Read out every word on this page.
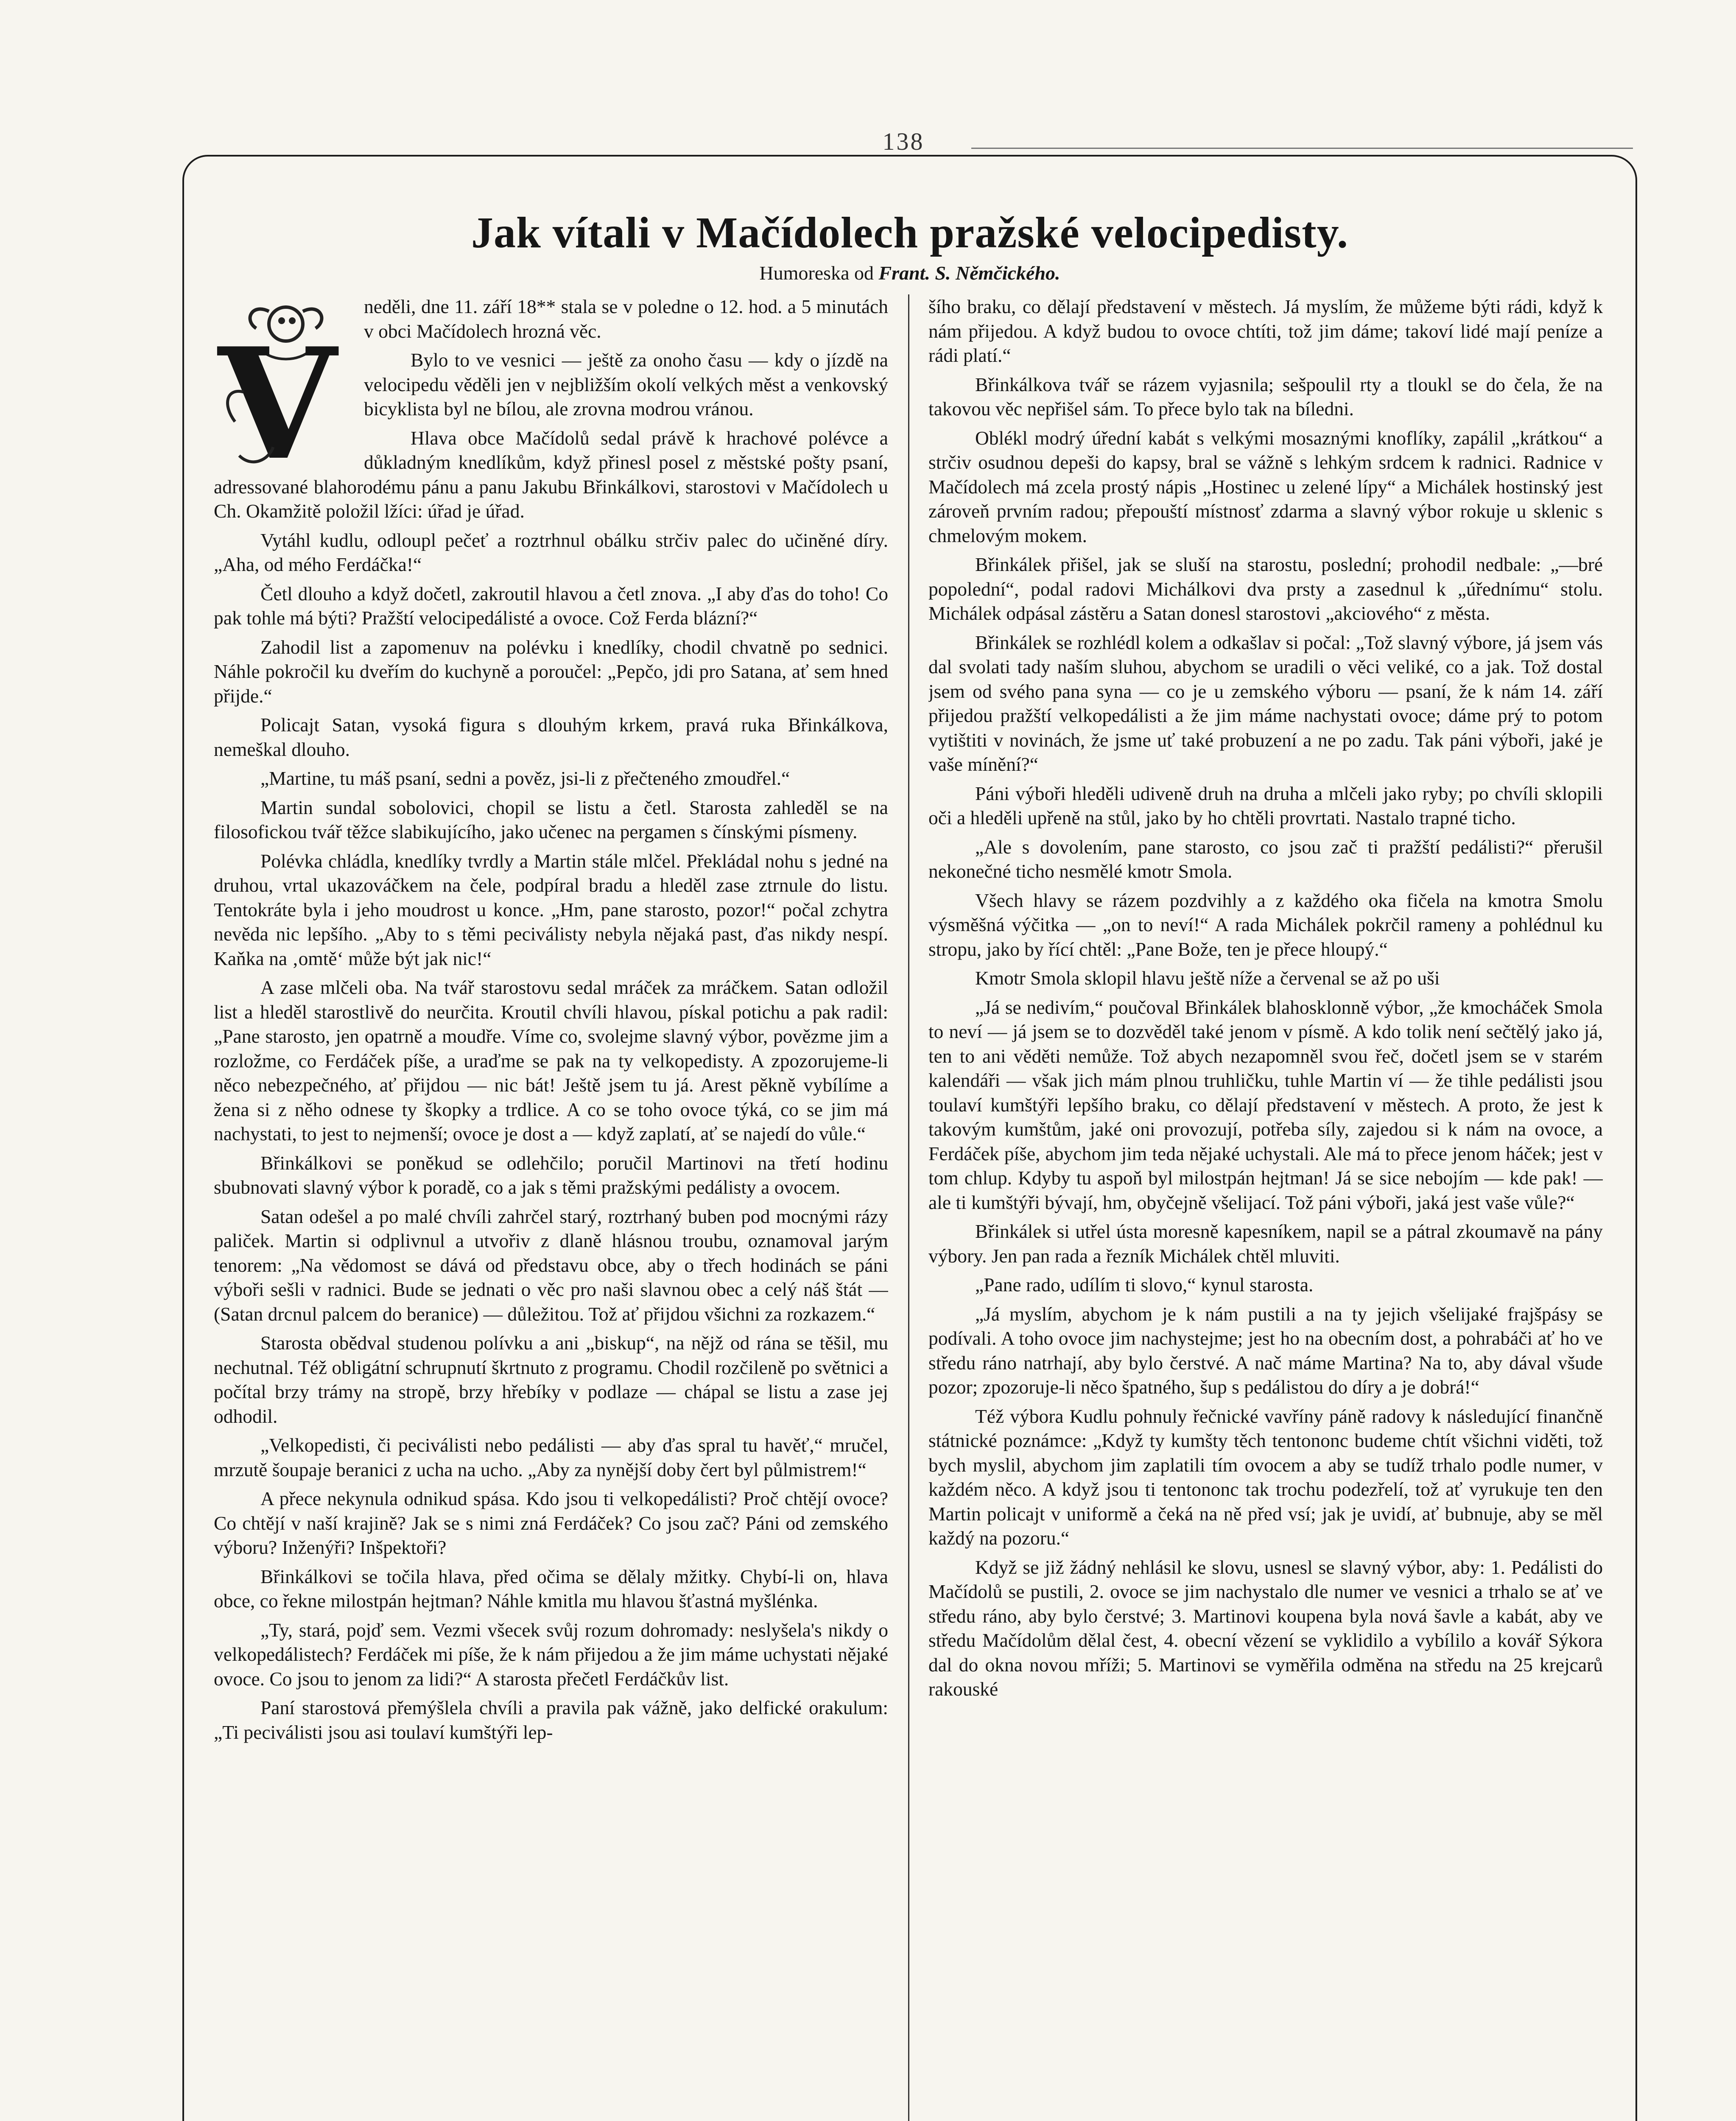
138
Jak vítali v Mačídolech pražské velocipedisty.
Humoreska od Frant. S. Němčického.
V

neděli, dne 11. září 18** stala se v poledne o 12. hod. a 5 minutách v obci Mačídolech hrozná věc.

Bylo to ve vesnici — ještě za onoho času — kdy o jízdě na velocipedu věděli jen v nejbližším okolí velkých měst a venkovský bicyklista byl ne bílou, ale zrovna modrou vránou.

Hlava obce Mačídolů sedal právě k hrachové polévce a důkladným knedlíkům, když přinesl posel z městské pošty psaní, adressované blahorodému pánu a panu Jakubu Břinkálkovi, starostovi v Mačídolech u Ch. Okamžitě položil lžíci: úřad je úřad.

Vytáhl kudlu, odloupl pečeť a roztrhnul obálku strčiv palec do učiněné díry. „Aha, od mého Ferdáčka!“

Četl dlouho a když dočetl, zakroutil hlavou a četl znova. „I aby ďas do toho! Co pak tohle má býti? Pražští velocipedálisté a ovoce. Což Ferda blázní?“

Zahodil list a zapomenuv na polévku i knedlíky, chodil chvatně po sednici. Náhle pokročil ku dveřím do kuchyně a poroučel: „Pepčo, jdi pro Satana, ať sem hned přijde.“

Policajt Satan, vysoká figura s dlouhým krkem, pravá ruka Břinkálkova, nemeškal dlouho.

„Martine, tu máš psaní, sedni a pověz, jsi-li z přečteného zmoudřel.“

Martin sundal sobolovici, chopil se listu a četl. Starosta zahleděl se na filosofickou tvář těžce slabikujícího, jako učenec na pergamen s čínskými písmeny.

Polévka chládla, knedlíky tvrdly a Martin stále mlčel. Překládal nohu s jedné na druhou, vrtal ukazováčkem na čele, podpíral bradu a hleděl zase ztrnule do listu. Tentokráte byla i jeho moudrost u konce. „Hm, pane starosto, pozor!“ počal zchytra nevěda nic lepšího. „Aby to s těmi peciválisty nebyla nějaká past, ďas nikdy nespí. Kaňka na ‚omtě‘ může být jak nic!“

A zase mlčeli oba. Na tvář starostovu sedal mráček za mráčkem. Satan odložil list a hleděl starostlivě do neurčita. Kroutil chvíli hlavou, pískal potichu a pak radil: „Pane starosto, jen opatrně a moudře. Víme co, svolejme slavný výbor, povězme jim a rozložme, co Ferdáček píše, a uraďme se pak na ty velkopedisty. A zpozorujeme-li něco nebezpečného, ať přijdou — nic bát! Ještě jsem tu já. Arest pěkně vybílíme a žena si z něho odnese ty škopky a trdlice. A co se toho ovoce týká, co se jim má nachystati, to jest to nejmenší; ovoce je dost a — když zaplatí, ať se najedí do vůle.“

Břinkálkovi se poněkud se odlehčilo; poručil Martinovi na třetí hodinu sbubnovati slavný výbor k poradě, co a jak s těmi pražskými pedálisty a ovocem.

Satan odešel a po malé chvíli zahrčel starý, roztrhaný buben pod mocnými rázy paliček. Martin si odplivnul a utvořiv z dlaně hlásnou troubu, oznamoval jarým tenorem: „Na vědomost se dává od představu obce, aby o třech hodinách se páni výboři sešli v radnici. Bude se jednati o věc pro naši slavnou obec a celý náš štát — (Satan drcnul palcem do beranice) — důležitou. Tož ať přijdou všichni za rozkazem.“

Starosta obědval studenou polívku a ani „biskup“, na nějž od rána se těšil, mu nechutnal. Též obligátní schrupnutí škrtnuto z programu. Chodil rozčileně po světnici a počítal brzy trámy na stropě, brzy hřebíky v podlaze — chápal se listu a zase jej odhodil.

„Velkopedisti, či peciválisti nebo pedálisti — aby ďas spral tu havěť,“ mručel, mrzutě šoupaje beranici z ucha na ucho. „Aby za nynější doby čert byl půlmistrem!“

A přece nekynula odnikud spása. Kdo jsou ti velkopedálisti? Proč chtějí ovoce? Co chtějí v naší krajině? Jak se s nimi zná Ferdáček? Co jsou zač? Páni od zemského výboru? Inženýři? Inšpektoři?

Břinkálkovi se točila hlava, před očima se dělaly mžitky. Chybí-li on, hlava obce, co řekne milostpán hejtman? Náhle kmitla mu hlavou šťastná myšlénka.

„Ty, stará, pojď sem. Vezmi všecek svůj rozum dohromady: neslyšela's nikdy o velkopedálistech? Ferdáček mi píše, že k nám přijedou a že jim máme uchystati nějaké ovoce. Co jsou to jenom za lidi?“ A starosta přečetl Ferdáčkův list.

Paní starostová přemýšlela chvíli a pravila pak vážně, jako delfické orakulum: „Ti peciválisti jsou asi toulaví kumštýři lep-

šího braku, co dělají představení v městech. Já myslím, že můžeme býti rádi, když k nám přijedou. A když budou to ovoce chtíti, tož jim dáme; takoví lidé mají peníze a rádi platí.“

Břinkálkova tvář se rázem vyjasnila; sešpoulil rty a tloukl se do čela, že na takovou věc nepřišel sám. To přece bylo tak na bíledni.

Oblékl modrý úřední kabát s velkými mosaznými knoflíky, zapálil „krátkou“ a strčiv osudnou depeši do kapsy, bral se vážně s lehkým srdcem k radnici. Radnice v Mačídolech má zcela prostý nápis „Hostinec u zelené lípy“ a Michálek hostinský jest zároveň prvním radou; přepouští místnosť zdarma a slavný výbor rokuje u sklenic s chmelovým mokem.

Břinkálek přišel, jak se sluší na starostu, poslední; prohodil nedbale: „—bré popolední“, podal radovi Michálkovi dva prsty a zasednul k „úřednímu“ stolu. Michálek odpásal zástěru a Satan donesl starostovi „akciového“ z města.

Břinkálek se rozhlédl kolem a odkašlav si počal: „Tož slavný výbore, já jsem vás dal svolati tady naším sluhou, abychom se uradili o věci veliké, co a jak. Tož dostal jsem od svého pana syna — co je u zemského výboru — psaní, že k nám 14. září přijedou pražští velkopedálisti a že jim máme nachystati ovoce; dáme prý to potom vytištiti v novinách, že jsme uť také probuzení a ne po zadu. Tak páni výboři, jaké je vaše mínění?“

Páni výboři hleděli udiveně druh na druha a mlčeli jako ryby; po chvíli sklopili oči a hleděli upřeně na stůl, jako by ho chtěli provrtati. Nastalo trapné ticho.

„Ale s dovolením, pane starosto, co jsou zač ti pražští pedálisti?“ přerušil nekonečné ticho nesmělé kmotr Smola.

Všech hlavy se rázem pozdvihly a z každého oka fičela na kmotra Smolu výsměšná výčitka — „on to neví!“ A rada Michálek pokrčil rameny a pohlédnul ku stropu, jako by řící chtěl: „Pane Bože, ten je přece hloupý.“

Kmotr Smola sklopil hlavu ještě níže a červenal se až po uši

„Já se nedivím,“ poučoval Břinkálek blahosklonně výbor, „že kmocháček Smola to neví — já jsem se to dozvěděl také jenom v písmě. A kdo tolik není sečtělý jako já, ten to ani věděti nemůže. Tož abych nezapomněl svou řeč, dočetl jsem se v starém kalendáři — však jich mám plnou truhličku, tuhle Martin ví — že tihle pedálisti jsou toulaví kumštýři lepšího braku, co dělají představení v městech. A proto, že jest k takovým kumštům, jaké oni provozují, potřeba síly, zajedou si k nám na ovoce, a Ferdáček píše, abychom jim teda nějaké uchystali. Ale má to přece jenom háček; jest v tom chlup. Kdyby tu aspoň byl milostpán hejtman! Já se sice nebojím — kde pak! — ale ti kumštýři bývají, hm, obyčejně všelijací. Tož páni výboři, jaká jest vaše vůle?“

Břinkálek si utřel ústa moresně kapesníkem, napil se a pátral zkoumavě na pány výbory. Jen pan rada a řezník Michálek chtěl mluviti.

„Pane rado, udílím ti slovo,“ kynul starosta.

„Já myslím, abychom je k nám pustili a na ty jejich všelijaké frajšpásy se podívali. A toho ovoce jim nachystejme; jest ho na obecním dost, a pohrabáči ať ho ve středu ráno natrhají, aby bylo čerstvé. A nač máme Martina? Na to, aby dával všude pozor; zpozoruje-li něco špatného, šup s pedálistou do díry a je dobrá!“

Též výbora Kudlu pohnuly řečnické vavříny páně radovy k následující finančně státnické poznámce: „Když ty kumšty těch tentononc budeme chtít všichni viděti, tož bych myslil, abychom jim zaplatili tím ovocem a aby se tudíž trhalo podle numer, v každém něco. A když jsou ti tentononc tak trochu podezřelí, tož ať vyrukuje ten den Martin policajt v uniformě a čeká na ně před vsí; jak je uvidí, ať bubnuje, aby se měl každý na pozoru.“

Když se již žádný nehlásil ke slovu, usnesl se slavný výbor, aby: 1. Pedálisti do Mačídolů se pustili, 2. ovoce se jim nachystalo dle numer ve vesnici a trhalo se ať ve středu ráno, aby bylo čerstvé; 3. Martinovi koupena byla nová šavle a kabát, aby ve středu Mačídolům dělal čest, 4. obecní vězení se vyklidilo a vybílilo a kovář Sýkora dal do okna novou mříži; 5. Martinovi se vyměřila odměna na středu na 25 krejcarů rakouské
